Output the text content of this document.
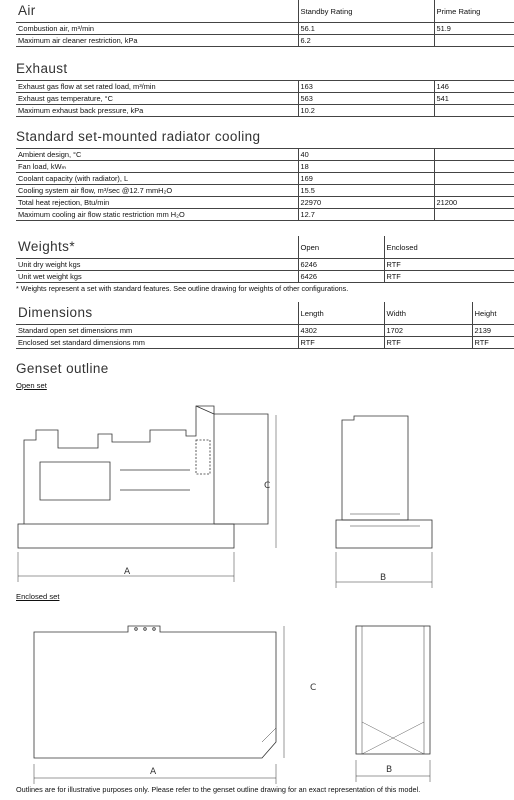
Air	Standby Rating	Prime Rating
Combustion air, m³/min	56.1	51.9
Maximum air cleaner restriction, kPa	6.2	
Exhaust
Exhaust gas flow at set rated load, m³/min	163	146
Exhaust gas temperature, °C	563	541
Maximum exhaust back pressure, kPa	10.2	
Standard set-mounted radiator cooling
Ambient design, °C	40	
Fan load, kWₘ	18	
Coolant capacity (with radiator), L	169	
Cooling system air flow, m³/sec @12.7 mmH₂O	15.5	
Total heat rejection, Btu/min	22970	21200
Maximum cooling air flow static restriction mm H₂O	12.7	
Weights*	Open	Enclosed
Unit dry weight kgs	6246	RTF
Unit wet weight kgs	6426	RTF
* Weights represent a set with standard features. See outline drawing for weights of other configurations.
Dimensions	Length	Width	Height
Standard open set dimensions mm	4302	1702	2139
Enclosed set standard dimensions mm	RTF	RTF	RTF
Genset outline
Open set
Enclosed set
A
C
B
A
C
B
Outlines are for illustrative purposes only. Please refer to the genset outline drawing for an exact representation of this model.
